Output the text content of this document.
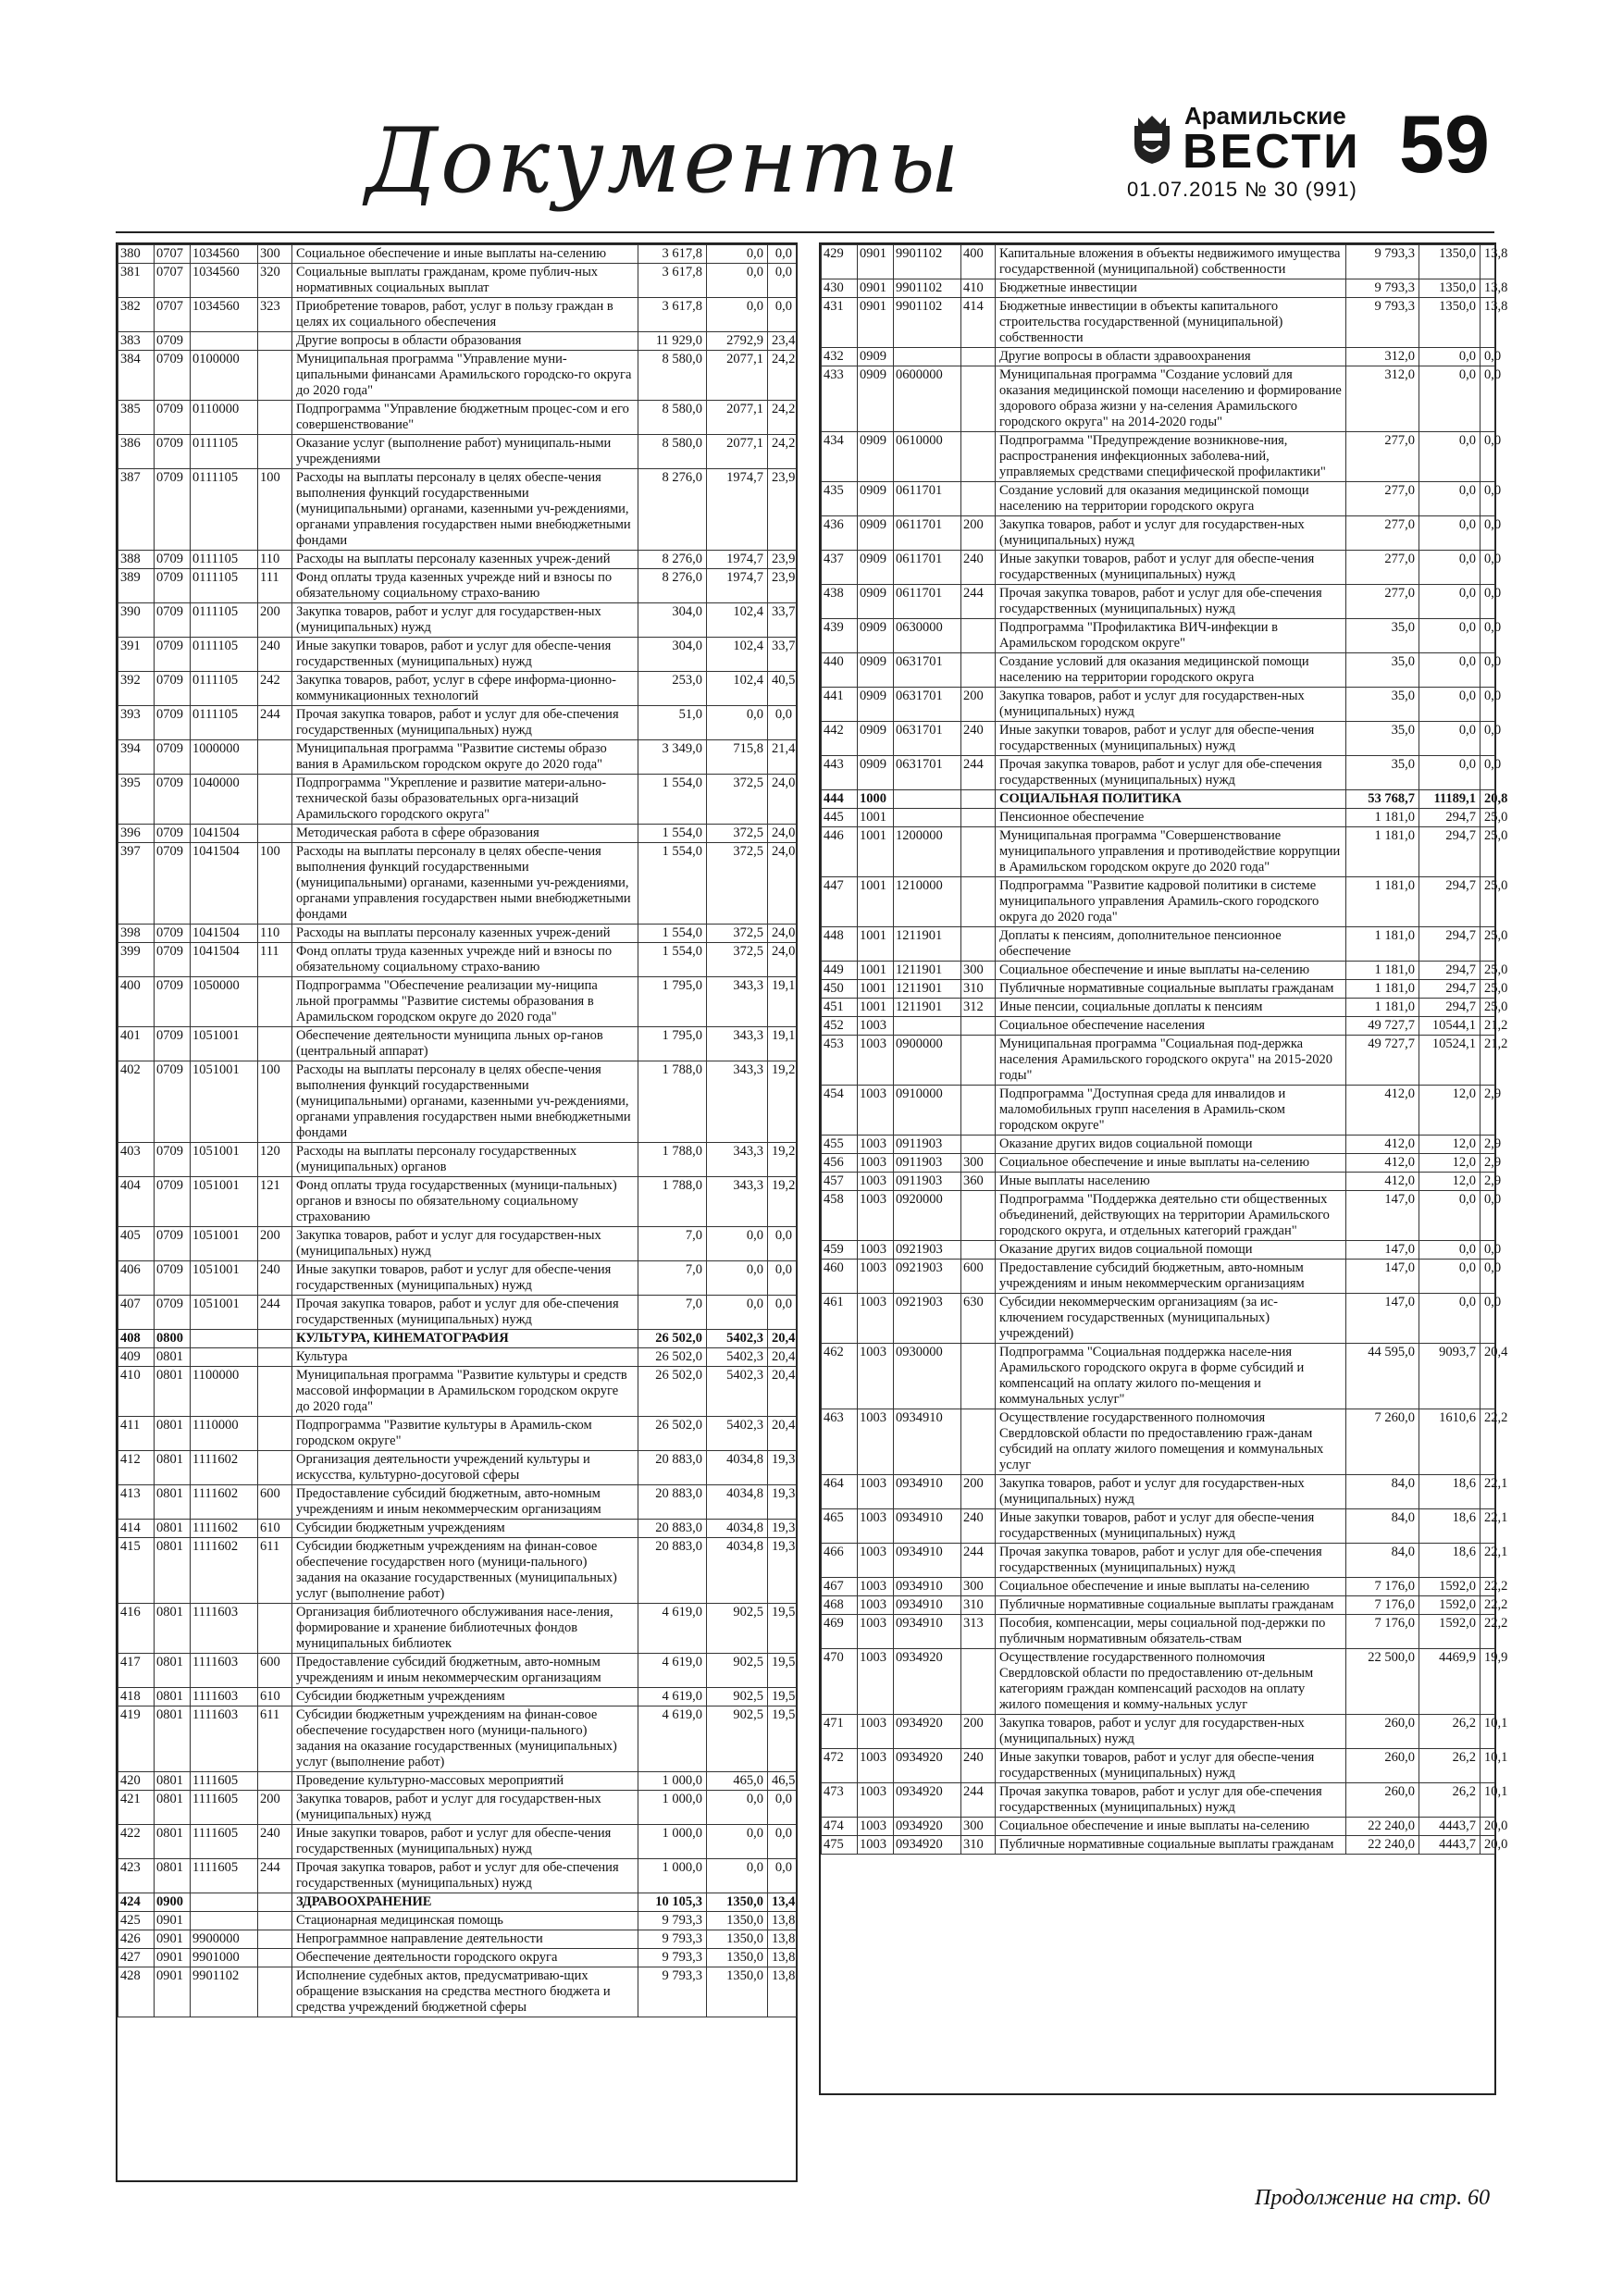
Документы	Арамильские
ВЕСТИ
01.07.2015 № 30 (991) 59
380	0707	1034560	300	Социальное обеспечение и иные выплаты на-селению	3 617,8	0,0	0,0
381	0707	1034560	320	Социальные выплаты гражданам, кроме публич-ных нормативных социальных выплат	3 617,8	0,0	0,0
382	0707	1034560	323	Приобретение товаров, работ, услуг в пользу граждан в целях их социального обеспечения	3 617,8	0,0	0,0
383	0709			Другие вопросы в области образования	11 929,0	2792,9	23,4
384	0709	0100000		Муниципальная программа "Управление муни-ципальными финансами Арамильского городско-го округа до 2020 года"	8 580,0	2077,1	24,2
385	0709	0110000		Подпрограмма "Управление бюджетным процес-сом и его совершенствование"	8 580,0	2077,1	24,2
386	0709	0111105		Оказание услуг (выполнение работ) муниципаль-ными учреждениями	8 580,0	2077,1	24,2
387	0709	0111105	100	Расходы на выплаты персоналу в целях обеспе-чения выполнения функций государственными (муниципальными) органами, казенными уч-реждениями, органами управления государствен ными внебюджетными фондами	8 276,0	1974,7	23,9
388	0709	0111105	110	Расходы на выплаты персоналу казенных учреж-дений	8 276,0	1974,7	23,9
389	0709	0111105	111	Фонд оплаты труда казенных учрежде ний и взносы по обязательному социальному страхо-ванию	8 276,0	1974,7	23,9
390	0709	0111105	200	Закупка товаров, работ и услуг для государствен-ных (муниципальных) нужд	304,0	102,4	33,7
391	0709	0111105	240	Иные закупки товаров, работ и услуг для обеспе-чения государственных (муниципальных) нужд	304,0	102,4	33,7
392	0709	0111105	242	Закупка товаров, работ, услуг в сфере информа-ционно-коммуникационных технологий	253,0	102,4	40,5
393	0709	0111105	244	Прочая закупка товаров, работ и услуг для обе-спечения государственных (муниципальных) нужд	51,0	0,0	0,0
394	0709	1000000		Муниципальная программа "Развитие системы образо вания в Арамильском городском округе до 2020 года"	3 349,0	715,8	21,4
395	0709	1040000		Подпрограмма "Укрепление и развитие матери-ально- технической базы образовательных орга-низаций Арамильского городского округа"	1 554,0	372,5	24,0
396	0709	1041504		Методическая работа в сфере образования	1 554,0	372,5	24,0
397	0709	1041504	100	Расходы на выплаты персоналу в целях обеспе-чения выполнения функций государственными (муниципальными) органами, казенными уч-реждениями, органами управления государствен ными внебюджетными фондами	1 554,0	372,5	24,0
398	0709	1041504	110	Расходы на выплаты персоналу казенных учреж-дений	1 554,0	372,5	24,0
399	0709	1041504	111	Фонд оплаты труда казенных учрежде ний и взносы по обязательному социальному страхо-ванию	1 554,0	372,5	24,0
400	0709	1050000		Подпрограмма "Обеспечение реализации му-ниципа льной программы "Развитие системы образования в Арамильском городском округе до 2020 года"	1 795,0	343,3	19,1
401	0709	1051001		Обеспечение деятельности муниципа льных ор-ганов (центральный аппарат)	1 795,0	343,3	19,1
402	0709	1051001	100	Расходы на выплаты персоналу в целях обеспе-чения выполнения функций государственными (муниципальными) органами, казенными уч-реждениями, органами управления государствен ными внебюджетными фондами	1 788,0	343,3	19,2
403	0709	1051001	120	Расходы на выплаты персоналу государственных (муниципальных) органов	1 788,0	343,3	19,2
404	0709	1051001	121	Фонд оплаты труда государственных (муници-пальных) органов и взносы по обязательному социальному страхованию	1 788,0	343,3	19,2
405	0709	1051001	200	Закупка товаров, работ и услуг для государствен-ных (муниципальных) нужд	7,0	0,0	0,0
406	0709	1051001	240	Иные закупки товаров, работ и услуг для обеспе-чения государственных (муниципальных) нужд	7,0	0,0	0,0
407	0709	1051001	244	Прочая закупка товаров, работ и услуг для обе-спечения государственных (муниципальных) нужд	7,0	0,0	0,0
408	0800			КУЛЬТУРА, КИНЕМАТОГРАФИЯ	26 502,0	5402,3	20,4
409	0801			Культура	26 502,0	5402,3	20,4
410	0801	1100000		Муниципальная программа "Развитие культуры и средств массовой информации в Арамильском городском округе до 2020 года"	26 502,0	5402,3	20,4
411	0801	1110000		Подпрограмма "Развитие культуры в Арамиль-ском городском округе"	26 502,0	5402,3	20,4
412	0801	1111602		Организация деятельности учреждений культуры и искусства, культурно-досуговой сферы	20 883,0	4034,8	19,3
413	0801	1111602	600	Предоставление субсидий бюджетным, авто-номным учреждениям и иным некоммерческим организациям	20 883,0	4034,8	19,3
414	0801	1111602	610	Субсидии бюджетным учреждениям	20 883,0	4034,8	19,3
415	0801	1111602	611	Субсидии бюджетным учреждениям на финан-совое обеспечение государствен ного (муници-пального) задания на оказание государственных (муниципальных) услуг (выполнение работ)	20 883,0	4034,8	19,3
416	0801	1111603		Организация библиотечного обслуживания насе-ления, формирование и хранение библиотечных фондов муниципальных библиотек	4 619,0	902,5	19,5
417	0801	1111603	600	Предоставление субсидий бюджетным, авто-номным учреждениям и иным некоммерческим организациям	4 619,0	902,5	19,5
418	0801	1111603	610	Субсидии бюджетным учреждениям	4 619,0	902,5	19,5
419	0801	1111603	611	Субсидии бюджетным учреждениям на финан-совое обеспечение государствен ного (муници-пального) задания на оказание государственных (муниципальных) услуг (выполнение работ)	4 619,0	902,5	19,5
420	0801	1111605		Проведение культурно-массовых мероприятий	1 000,0	465,0	46,5
421	0801	1111605	200	Закупка товаров, работ и услуг для государствен-ных (муниципальных) нужд	1 000,0	0,0	0,0
422	0801	1111605	240	Иные закупки товаров, работ и услуг для обеспе-чения государственных (муниципальных) нужд	1 000,0	0,0	0,0
423	0801	1111605	244	Прочая закупка товаров, работ и услуг для обе-спечения государственных (муниципальных) нужд	1 000,0	0,0	0,0
424	0900			ЗДРАВООХРАНЕНИЕ	10 105,3	1350,0	13,4
425	0901			Стационарная медицинская помощь	9 793,3	1350,0	13,8
426	0901	9900000		Непрограммное направление деятельности	9 793,3	1350,0	13,8
427	0901	9901000		Обеспечение деятельности городского округа	9 793,3	1350,0	13,8
428	0901	9901102		Исполнение судебных актов, предусматриваю-щих обращение взыскания на средства местного бюджета и средства учреждений бюджетной сферы	9 793,3	1350,0	13,8
429	0901	9901102	400	Капитальные вложения в объекты недвижимого имущества государственной (муниципальной) собственности	9 793,3	1350,0	13,8
430	0901	9901102	410	Бюджетные инвестиции	9 793,3	1350,0	13,8
431	0901	9901102	414	Бюджетные инвестиции в объекты капитального строительства государственной (муниципальной) собственности	9 793,3	1350,0	13,8
432	0909			Другие вопросы в области здравоохранения	312,0	0,0	0,0
433	0909	0600000		Муниципальная программа "Создание условий для оказания медицинской помощи населению и формирование здорового образа жизни у на-селения Арамильского городского округа" на 2014-2020 годы"	312,0	0,0	0,0
434	0909	0610000		Подпрограмма "Предупреждение возникнове-ния, распространения инфекционных заболева-ний, управляемых средствами специфической профилактики"	277,0	0,0	0,0
435	0909	0611701		Создание условий для оказания медицинской помощи населению на территории городского округа	277,0	0,0	0,0
436	0909	0611701	200	Закупка товаров, работ и услуг для государствен-ных (муниципальных) нужд	277,0	0,0	0,0
437	0909	0611701	240	Иные закупки товаров, работ и услуг для обеспе-чения государственных (муниципальных) нужд	277,0	0,0	0,0
438	0909	0611701	244	Прочая закупка товаров, работ и услуг для обе-спечения государственных (муниципальных) нужд	277,0	0,0	0,0
439	0909	0630000		Подпрограмма "Профилактика ВИЧ-инфекции в Арамильском городском округе"	35,0	0,0	0,0
440	0909	0631701		Создание условий для оказания медицинской помощи населению на территории городского округа	35,0	0,0	0,0
441	0909	0631701	200	Закупка товаров, работ и услуг для государствен-ных (муниципальных) нужд	35,0	0,0	0,0
442	0909	0631701	240	Иные закупки товаров, работ и услуг для обеспе-чения государственных (муниципальных) нужд	35,0	0,0	0,0
443	0909	0631701	244	Прочая закупка товаров, работ и услуг для обе-спечения государственных (муниципальных) нужд	35,0	0,0	0,0
444	1000			СОЦИАЛЬНАЯ ПОЛИТИКА	53 768,7	11189,1	20,8
445	1001			Пенсионное обеспечение	1 181,0	294,7	25,0
446	1001	1200000		Муниципальная программа "Совершенствование муниципального управления и противодействие коррупции в Арамильском городском округе до 2020 года"	1 181,0	294,7	25,0
447	1001	1210000		Подпрограмма "Развитие кадровой политики в системе муниципального управления Арамиль-ского городского округа до 2020 года"	1 181,0	294,7	25,0
448	1001	1211901		Доплаты к пенсиям, дополнительное пенсионное обеспечение	1 181,0	294,7	25,0
449	1001	1211901	300	Социальное обеспечение и иные выплаты на-селению	1 181,0	294,7	25,0
450	1001	1211901	310	Публичные нормативные социальные выплаты гражданам	1 181,0	294,7	25,0
451	1001	1211901	312	Иные пенсии, социальные доплаты к пенсиям	1 181,0	294,7	25,0
452	1003			Социальное обеспечение населения	49 727,7	10544,1	21,2
453	1003	0900000		Муниципальная программа "Социальная под-держка населения Арамильского городского округа" на 2015-2020 годы"	49 727,7	10524,1	21,2
454	1003	0910000		Подпрограмма "Доступная среда для инвалидов и маломобильных групп населения в Арамиль-ском городском округе"	412,0	12,0	2,9
455	1003	0911903		Оказание других видов социальной помощи	412,0	12,0	2,9
456	1003	0911903	300	Социальное обеспечение и иные выплаты на-селению	412,0	12,0	2,9
457	1003	0911903	360	Иные выплаты населению	412,0	12,0	2,9
458	1003	0920000		Подпрограмма "Поддержка деятельно сти общественных объединений, действующих на территории Арамильского городского округа, и отдельных категорий граждан"	147,0	0,0	0,0
459	1003	0921903		Оказание других видов социальной помощи	147,0	0,0	0,0
460	1003	0921903	600	Предоставление субсидий бюджетным, авто-номным учреждениям и иным некоммерческим организациям	147,0	0,0	0,0
461	1003	0921903	630	Субсидии некоммерческим организациям (за ис-ключением государственных (муниципальных) учреждений)	147,0	0,0	0,0
462	1003	0930000		Подпрограмма "Социальная поддержка населе-ния Арамильского городского округа в форме субсидий и компенсаций на оплату жилого по-мещения и коммунальных услуг"	44 595,0	9093,7	20,4
463	1003	0934910		Осуществление государственного полномочия Свердловской области по предоставлению граж-данам субсидий на оплату жилого помещения и коммунальных услуг	7 260,0	1610,6	22,2
464	1003	0934910	200	Закупка товаров, работ и услуг для государствен-ных (муниципальных) нужд	84,0	18,6	22,1
465	1003	0934910	240	Иные закупки товаров, работ и услуг для обеспе-чения государственных (муниципальных) нужд	84,0	18,6	22,1
466	1003	0934910	244	Прочая закупка товаров, работ и услуг для обе-спечения государственных (муниципальных) нужд	84,0	18,6	22,1
467	1003	0934910	300	Социальное обеспечение и иные выплаты на-селению	7 176,0	1592,0	22,2
468	1003	0934910	310	Публичные нормативные социальные выплаты гражданам	7 176,0	1592,0	22,2
469	1003	0934910	313	Пособия, компенсации, меры социальной под-держки по публичным нормативным обязатель-ствам	7 176,0	1592,0	22,2
470	1003	0934920		Осуществление государственного полномочия Свердловской области по предоставлению от-дельным категориям граждан компенсаций расходов на оплату жилого помещения и комму-нальных услуг	22 500,0	4469,9	19,9
471	1003	0934920	200	Закупка товаров, работ и услуг для государствен-ных (муниципальных) нужд	260,0	26,2	10,1
472	1003	0934920	240	Иные закупки товаров, работ и услуг для обеспе-чения государственных (муниципальных) нужд	260,0	26,2	10,1
473	1003	0934920	244	Прочая закупка товаров, работ и услуг для обе-спечения государственных (муниципальных) нужд	260,0	26,2	10,1
474	1003	0934920	300	Социальное обеспечение и иные выплаты на-селению	22 240,0	4443,7	20,0
475	1003	0934920	310	Публичные нормативные социальные выплаты гражданам	22 240,0	4443,7	20,0
Продолжение на стр. 60
